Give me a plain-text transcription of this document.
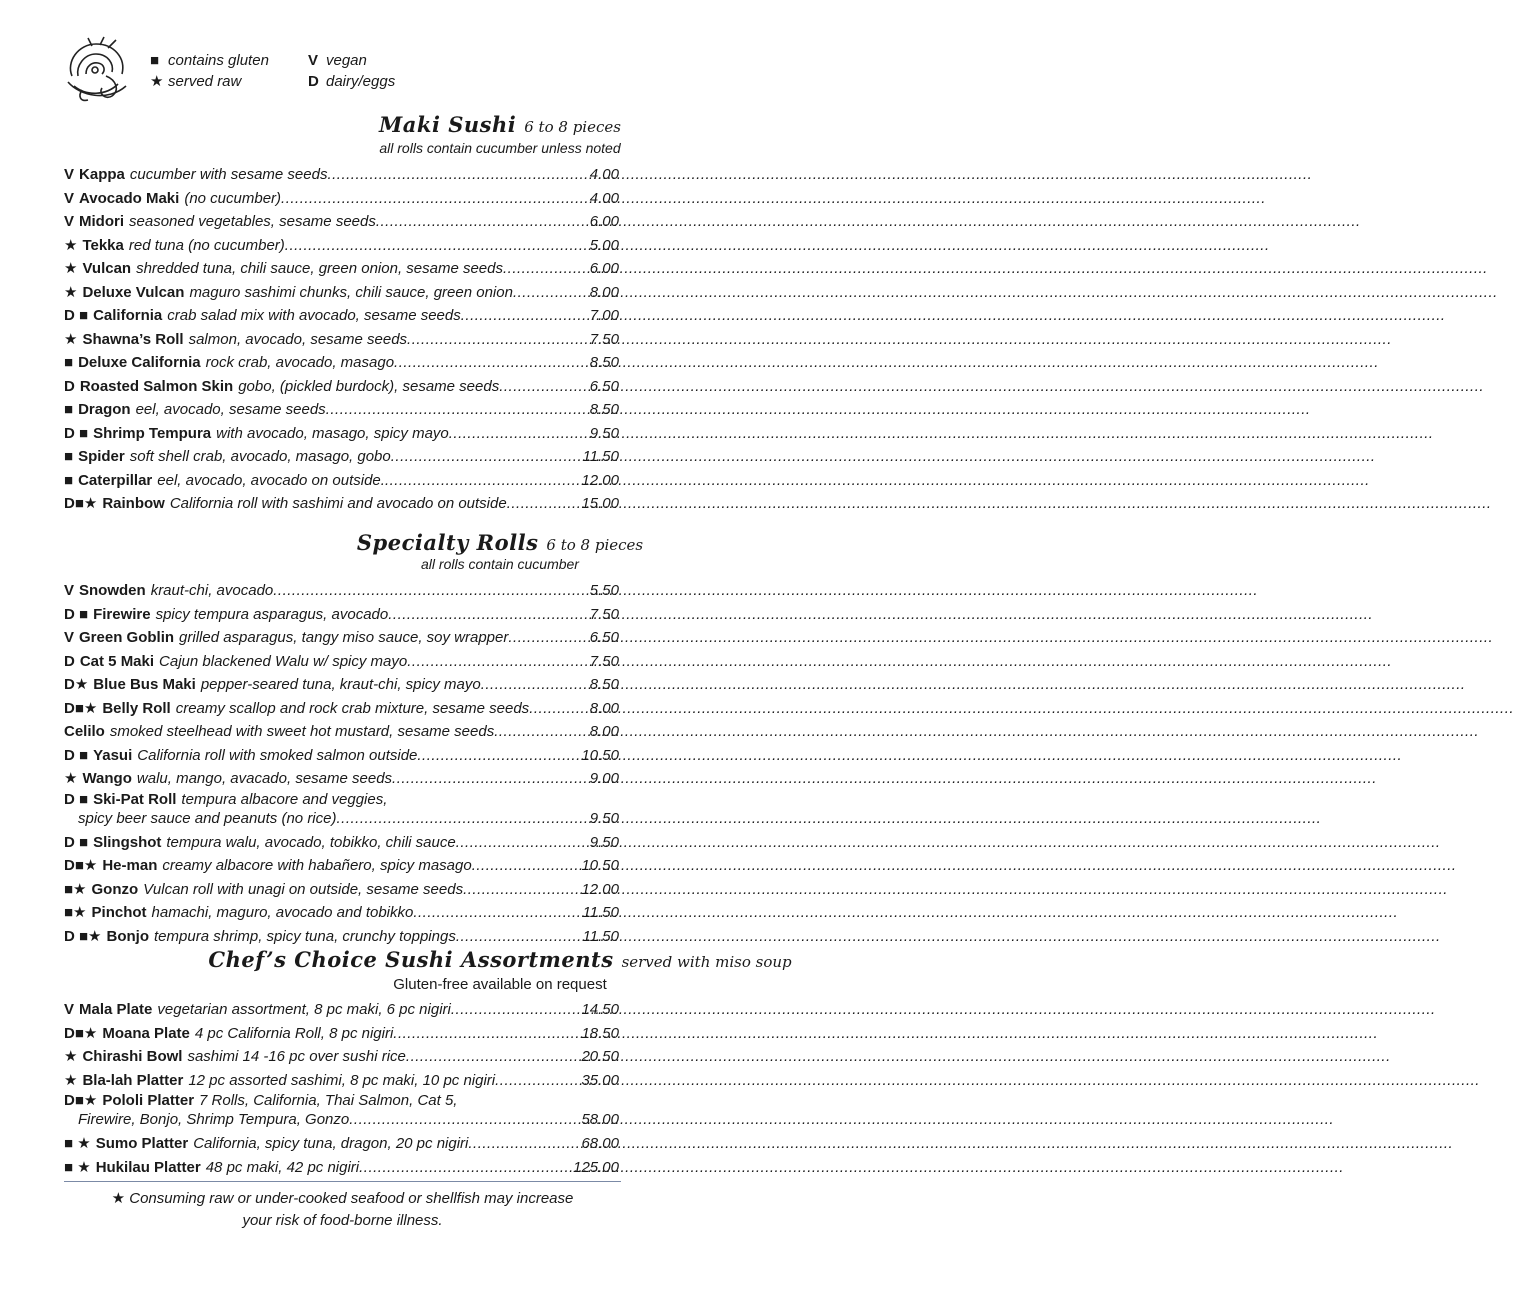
■ contains gluten
★ served raw
V vegan
D dairy/eggs
Maki Sushi 6 to 8 pieces
all rolls contain cucumber unless noted
V Kappa cucumber with sesame seeds .....	4.00
V Avocado Maki (no cucumber) .....	4.00
V Midori seasoned vegetables, sesame seeds .....	6.00
★ Tekka red tuna (no cucumber) .....	5.00
★ Vulcan shredded tuna, chili sauce, green onion, sesame seeds .....	6.00
★ Deluxe Vulcan maguro sashimi chunks, chili sauce, green onion .....	8.00
D ■ California crab salad mix with avocado, sesame seeds .....	7.00
★ Shawna’s Roll salmon, avocado, sesame seeds .....	7.50
■ Deluxe California rock crab, avocado, masago .....	8.50
D Roasted Salmon Skin gobo, (pickled burdock), sesame seeds .....	6.50
■ Dragon eel, avocado, sesame seeds .....	8.50
D ■ Shrimp Tempura with avocado, masago, spicy mayo .....	9.50
■ Spider soft shell crab, avocado, masago, gobo .....	11.50
■ Caterpillar eel, avocado, avocado on outside. .....	12.00
D■★ Rainbow California roll with sashimi and avocado on outside .....	15.00
Specialty Rolls 6 to 8 pieces
all rolls contain cucumber
V Snowden kraut-chi, avocado .....	5.50
D ■ Firewire spicy tempura asparagus, avocado .....	7.50
V Green Goblin grilled asparagus, tangy miso sauce, soy wrapper .....	6.50
D Cat 5 Maki Cajun blackened Walu w/ spicy mayo .....	7.50
D★ Blue Bus Maki pepper-seared tuna, kraut-chi, spicy mayo .....	8.50
D■★ Belly Roll creamy scallop and rock crab mixture, sesame seeds .....	8.00
Celilo smoked steelhead with sweet hot mustard, sesame seeds .....	8.00
D ■ Yasui California roll with smoked salmon outside .....	10.50
★ Wango walu, mango, avacado, sesame seeds .....	9.00
D ■ Ski-Pat Roll tempura albacore and veggies,
spicy beer sauce and peanuts (no rice) .....	9.50
D ■ Slingshot tempura walu, avocado, tobikko, chili sauce .....	9.50
D■★ He-man creamy albacore with habañero, spicy masago .....	10.50
■★ Gonzo Vulcan roll with unagi on outside, sesame seeds .....	12.00
■★ Pinchot hamachi, maguro, avocado and tobikko .....	11.50
D ■★ Bonjo tempura shrimp, spicy tuna, crunchy toppings .....	11.50
Chef’s Choice Sushi Assortments served with miso soup
Gluten-free available on request
V Mala Plate vegetarian assortment, 8 pc maki, 6 pc nigiri .....	14.50
D■★ Moana Plate 4 pc California Roll, 8 pc nigiri .....	18.50
★ Chirashi Bowl sashimi 14 -16 pc over sushi rice .....	20.50
★ Bla-lah Platter 12 pc assorted sashimi, 8 pc maki, 10 pc nigiri .....	35.00
D■★ Pololi Platter 7 Rolls, California, Thai Salmon, Cat 5,
Firewire, Bonjo, Shrimp Tempura, Gonzo .....	58.00
■ ★ Sumo Platter California, spicy tuna, dragon, 20 pc nigiri .....	68.00
■ ★ Hukilau Platter 48 pc maki, 42 pc nigiri .....	125.00
★ Consuming raw or under-cooked seafood or shellfish may increase
your risk of food-borne illness.
